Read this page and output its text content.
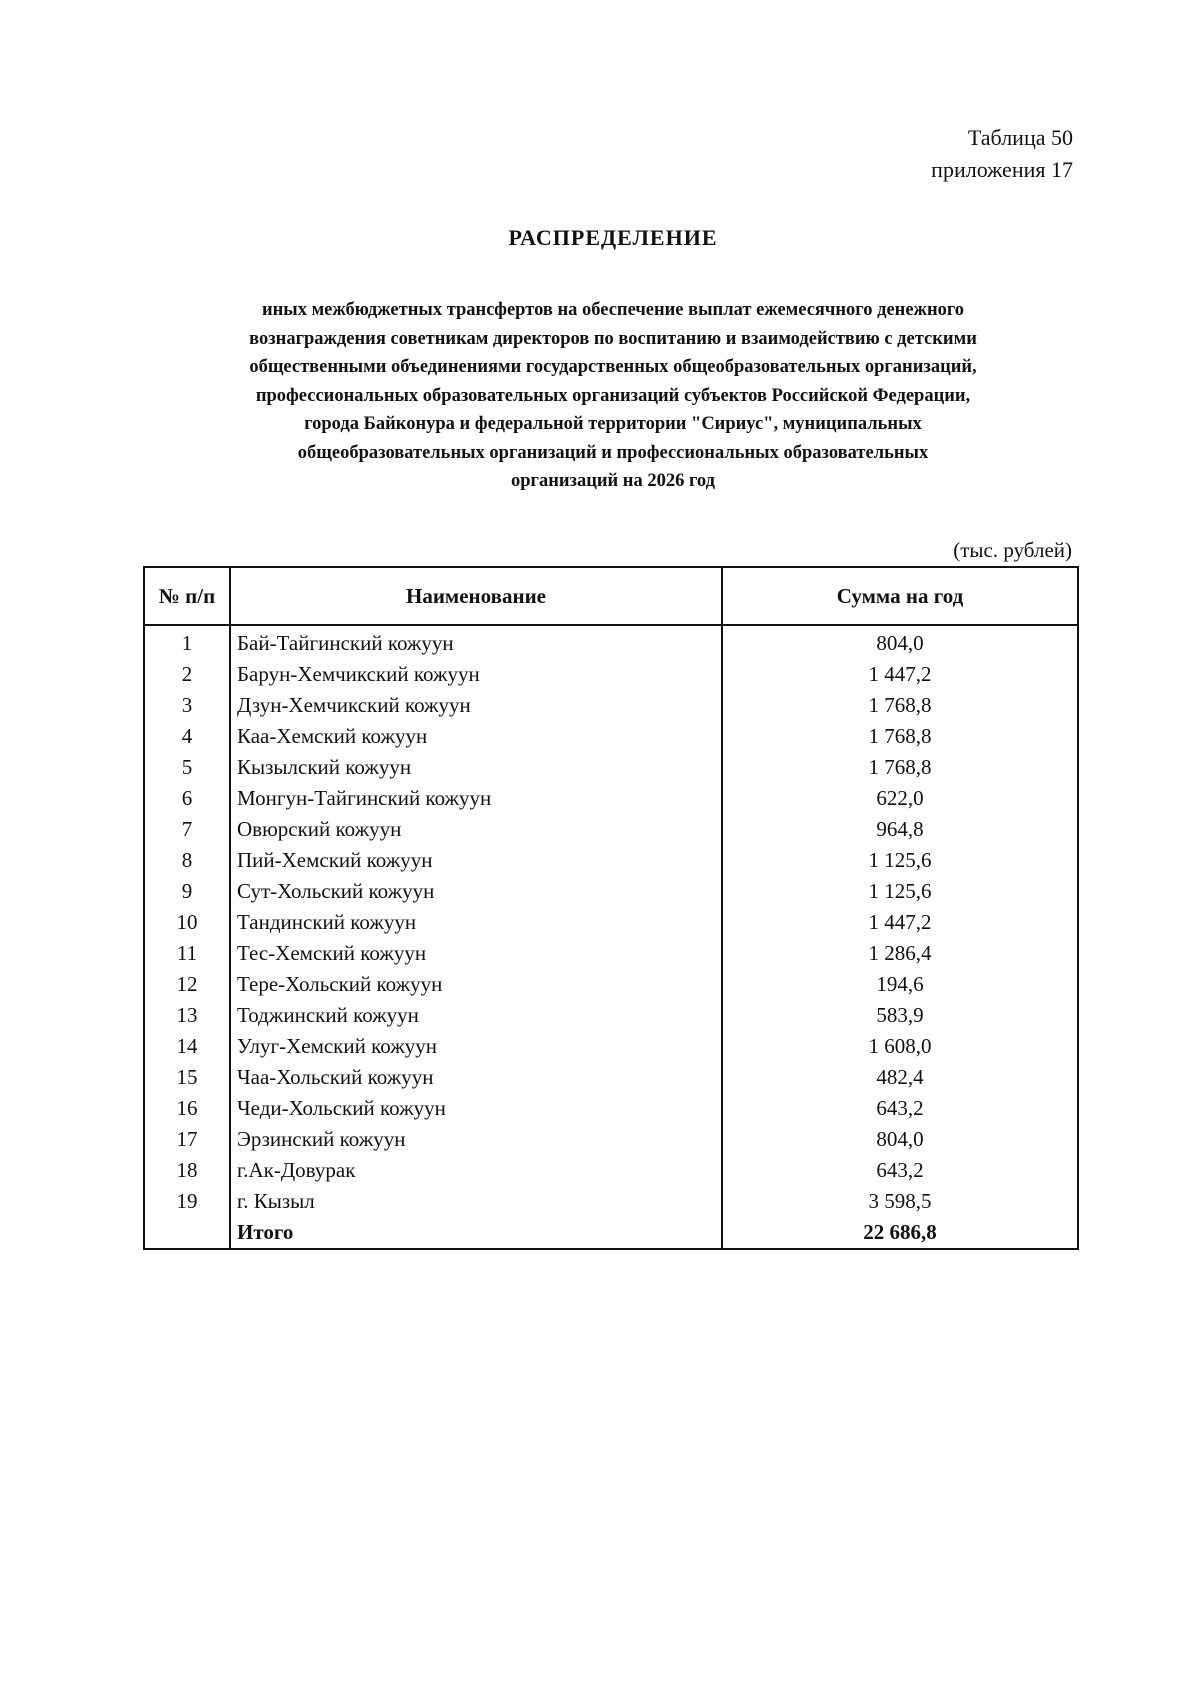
Таблица 50
приложения 17
РАСПРЕДЕЛЕНИЕ
иных межбюджетных трансфертов на обеспечение выплат ежемесячного денежного
вознаграждения советникам директоров по воспитанию и взаимодействию с детскими
общественными объединениями государственных общеобразовательных организаций,
профессиональных образовательных организаций субъектов Российской Федерации,
города Байконура и федеральной территории "Сириус", муниципальных
общеобразовательных организаций и профессиональных образовательных
организаций на 2026 год
(тыс. рублей)
№ п/п	Наименование	Сумма на год
1	Бай-Тайгинский кожуун	804,0
2	Барун-Хемчикский кожуун	1 447,2
3	Дзун-Хемчикский кожуун	1 768,8
4	Каа-Хемский кожуун	1 768,8
5	Кызылский кожуун	1 768,8
6	Монгун-Тайгинский кожуун	622,0
7	Овюрский кожуун	964,8
8	Пий-Хемский кожуун	1 125,6
9	Сут-Хольский кожуун	1 125,6
10	Тандинский кожуун	1 447,2
11	Тес-Хемский кожуун	1 286,4
12	Тере-Хольский кожуун	194,6
13	Тоджинский кожуун	583,9
14	Улуг-Хемский кожуун	1 608,0
15	Чаа-Хольский кожуун	482,4
16	Чеди-Хольский кожуун	643,2
17	Эрзинский кожуун	804,0
18	г.Ак-Довурак	643,2
19	г. Кызыл	3 598,5
	Итого	22 686,8
